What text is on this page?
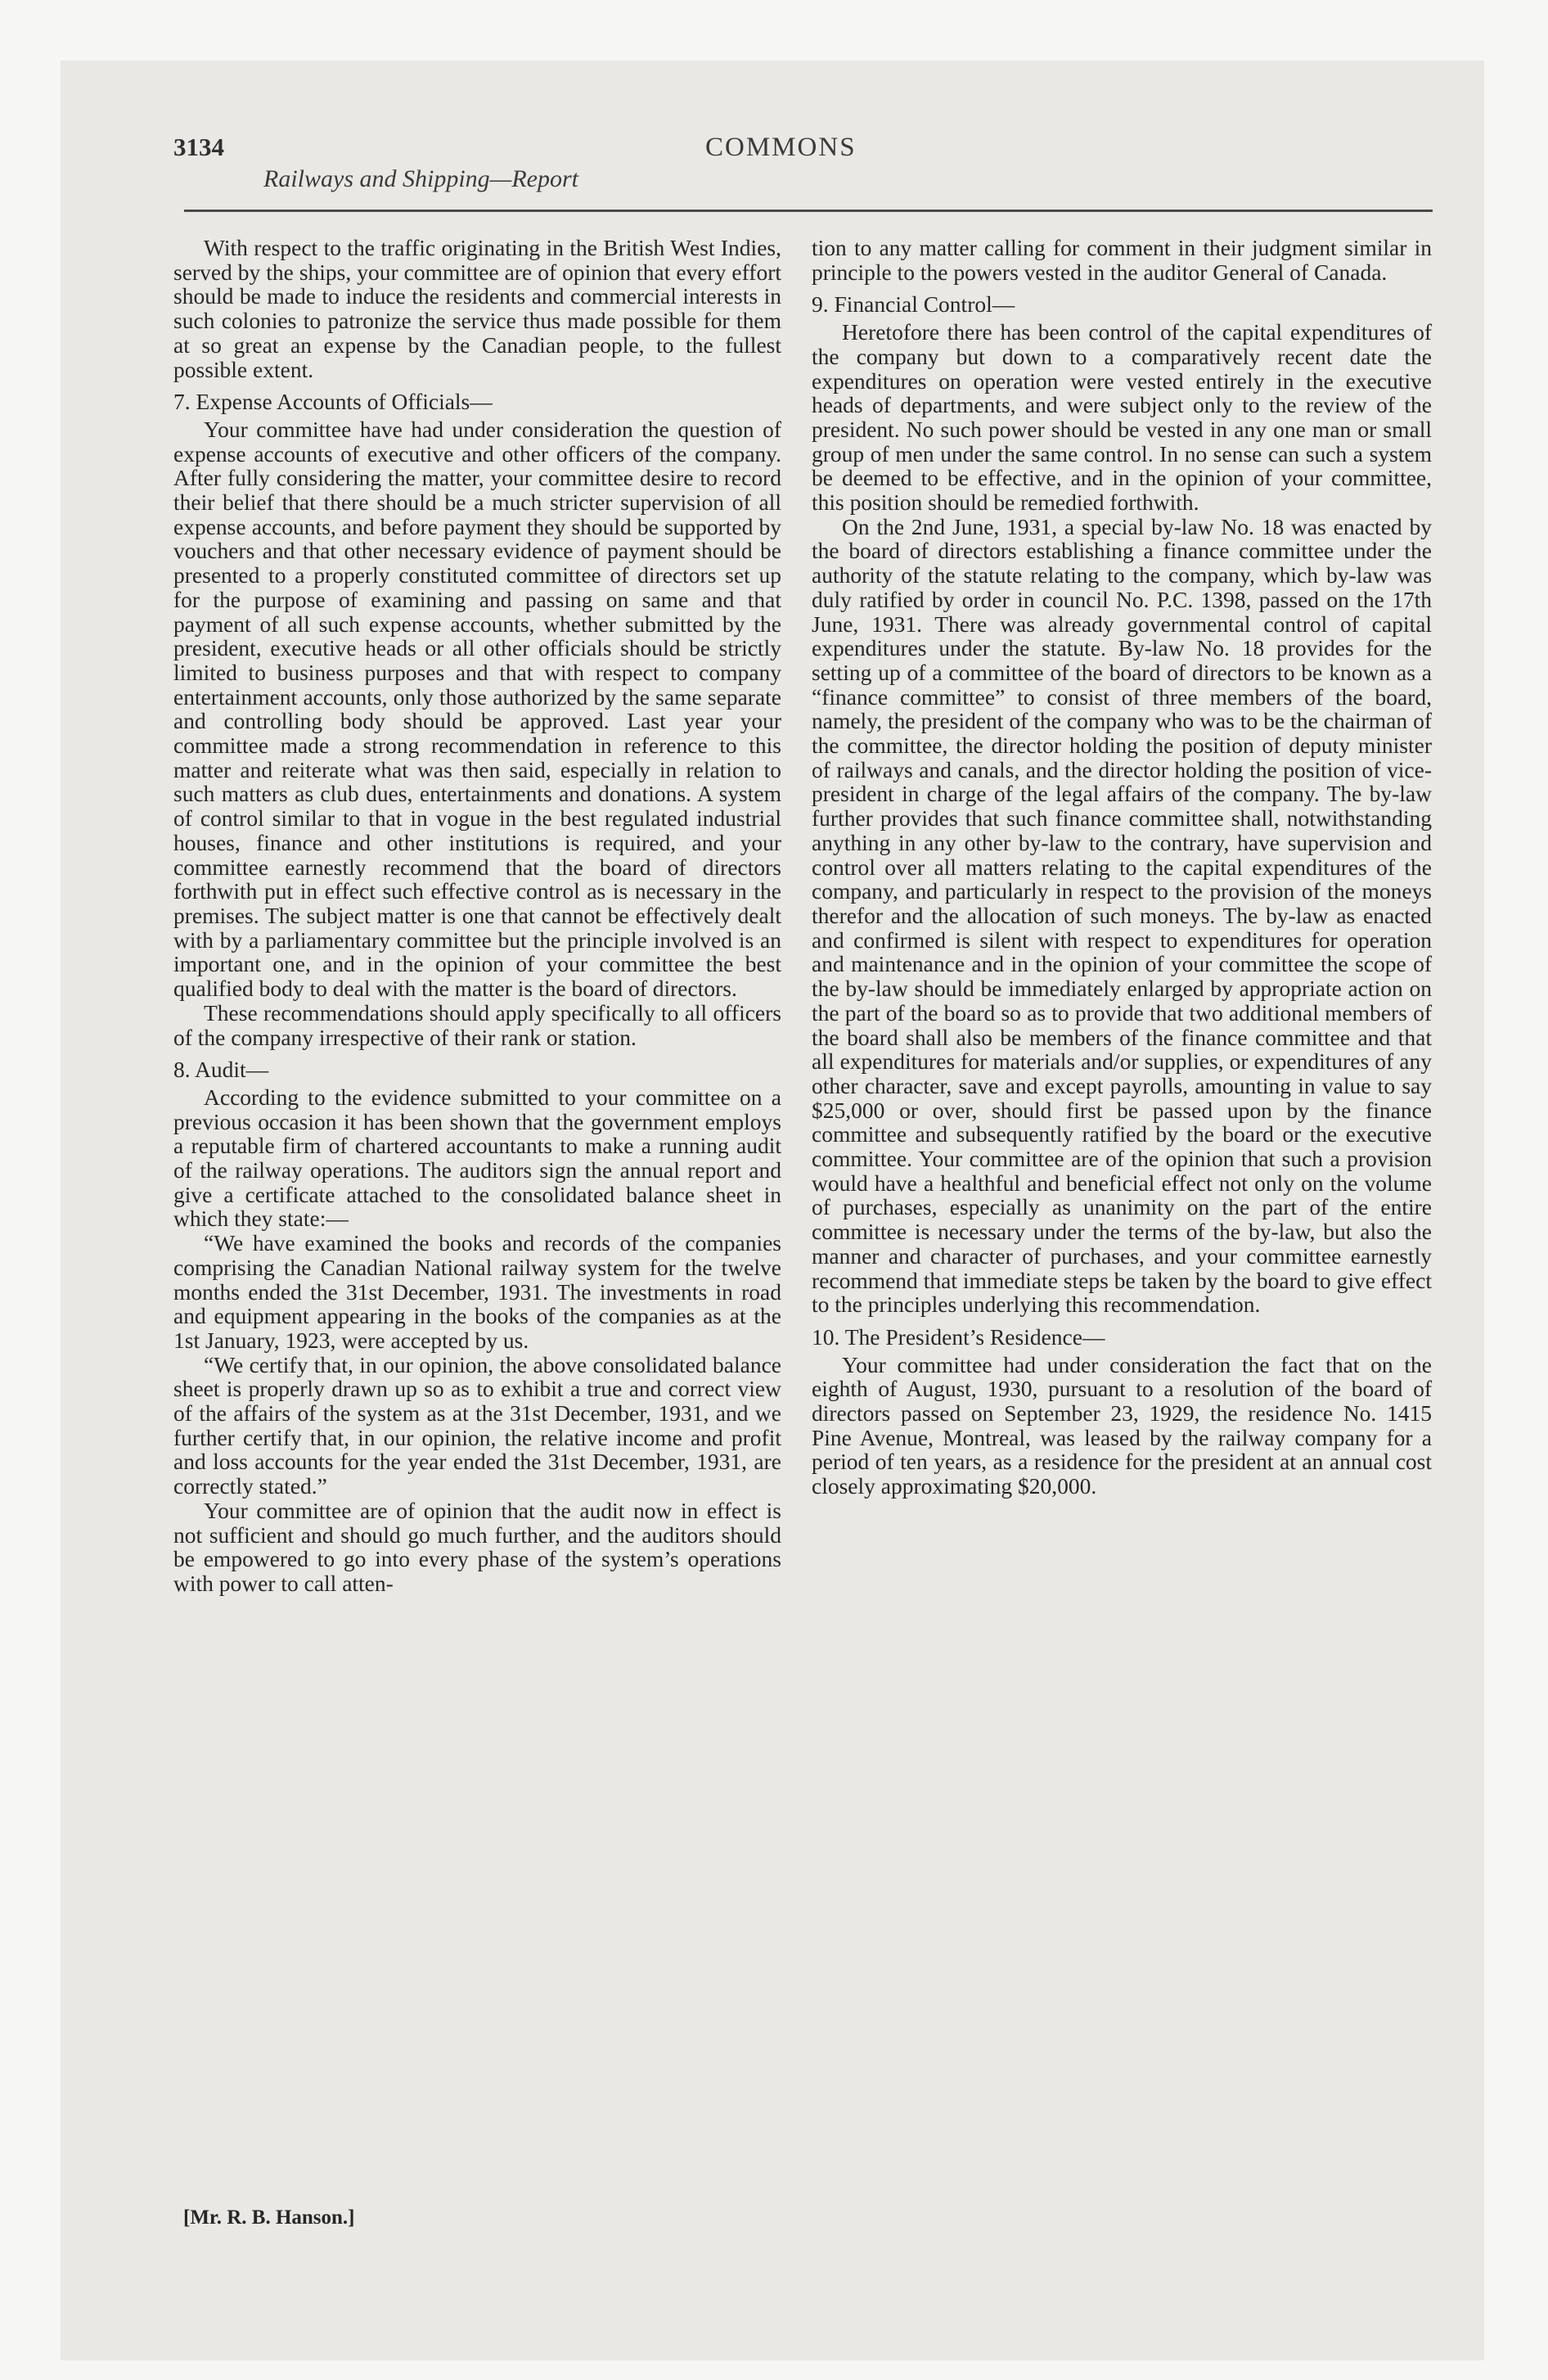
3134	COMMONS
Railways and Shipping—Report

With respect to the traffic originating in the British West Indies, served by the ships, your committee are of opinion that every effort should be made to induce the residents and commercial interests in such colonies to patronize the service thus made possible for them at so great an expense by the Canadian people, to the fullest possible extent.

7. Expense Accounts of Officials—

Your committee have had under consideration the question of expense accounts of executive and other officers of the company. After fully considering the matter, your committee desire to record their belief that there should be a much stricter supervision of all expense accounts, and before payment they should be supported by vouchers and that other necessary evidence of payment should be presented to a properly constituted committee of directors set up for the purpose of examining and passing on same and that payment of all such expense accounts, whether submitted by the president, executive heads or all other officials should be strictly limited to business purposes and that with respect to company entertainment accounts, only those authorized by the same separate and controlling body should be approved. Last year your committee made a strong recommendation in reference to this matter and reiterate what was then said, especially in relation to such matters as club dues, entertainments and donations. A system of control similar to that in vogue in the best regulated industrial houses, finance and other institutions is required, and your committee earnestly recommend that the board of directors forthwith put in effect such effective control as is necessary in the premises. The subject matter is one that cannot be effectively dealt with by a parliamentary committee but the principle involved is an important one, and in the opinion of your committee the best qualified body to deal with the matter is the board of directors.

These recommendations should apply specifically to all officers of the company irrespective of their rank or station.

8. Audit—

According to the evidence submitted to your committee on a previous occasion it has been shown that the government employs a reputable firm of chartered accountants to make a running audit of the railway operations. The auditors sign the annual report and give a certificate attached to the consolidated balance sheet in which they state:—

“We have examined the books and records of the companies comprising the Canadian National railway system for the twelve months ended the 31st December, 1931. The investments in road and equipment appearing in the books of the companies as at the 1st January, 1923, were accepted by us.

“We certify that, in our opinion, the above consolidated balance sheet is properly drawn up so as to exhibit a true and correct view of the affairs of the system as at the 31st December, 1931, and we further certify that, in our opinion, the relative income and profit and loss accounts for the year ended the 31st December, 1931, are correctly stated.”

Your committee are of opinion that the audit now in effect is not sufficient and should go much further, and the auditors should be empowered to go into every phase of the system’s operations with power to call atten-

tion to any matter calling for comment in their judgment similar in principle to the powers vested in the auditor General of Canada.

9. Financial Control—

Heretofore there has been control of the capital expenditures of the company but down to a comparatively recent date the expenditures on operation were vested entirely in the executive heads of departments, and were subject only to the review of the president. No such power should be vested in any one man or small group of men under the same control. In no sense can such a system be deemed to be effective, and in the opinion of your committee, this position should be remedied forthwith.

On the 2nd June, 1931, a special by-law No. 18 was enacted by the board of directors establishing a finance committee under the authority of the statute relating to the company, which by-law was duly ratified by order in council No. P.C. 1398, passed on the 17th June, 1931. There was already governmental control of capital expenditures under the statute. By-law No. 18 provides for the setting up of a committee of the board of directors to be known as a “finance committee” to consist of three members of the board, namely, the president of the company who was to be the chairman of the committee, the director holding the position of deputy minister of railways and canals, and the director holding the position of vice-president in charge of the legal affairs of the company. The by-law further provides that such finance committee shall, notwithstanding anything in any other by-law to the contrary, have supervision and control over all matters relating to the capital expenditures of the company, and particularly in respect to the provision of the moneys therefor and the allocation of such moneys. The by-law as enacted and confirmed is silent with respect to expenditures for operation and maintenance and in the opinion of your committee the scope of the by-law should be immediately enlarged by appropriate action on the part of the board so as to provide that two additional members of the board shall also be members of the finance committee and that all expenditures for materials and/or supplies, or expenditures of any other character, save and except payrolls, amounting in value to say $25,000 or over, should first be passed upon by the finance committee and subsequently ratified by the board or the executive committee. Your committee are of the opinion that such a provision would have a healthful and beneficial effect not only on the volume of purchases, especially as unanimity on the part of the entire committee is necessary under the terms of the by-law, but also the manner and character of purchases, and your committee earnestly recommend that immediate steps be taken by the board to give effect to the principles underlying this recommendation.

10. The President’s Residence—

Your committee had under consideration the fact that on the eighth of August, 1930, pursuant to a resolution of the board of directors passed on September 23, 1929, the residence No. 1415 Pine Avenue, Montreal, was leased by the railway company for a period of ten years, as a residence for the president at an annual cost closely approximating $20,000.

[Mr. R. B. Hanson.]
